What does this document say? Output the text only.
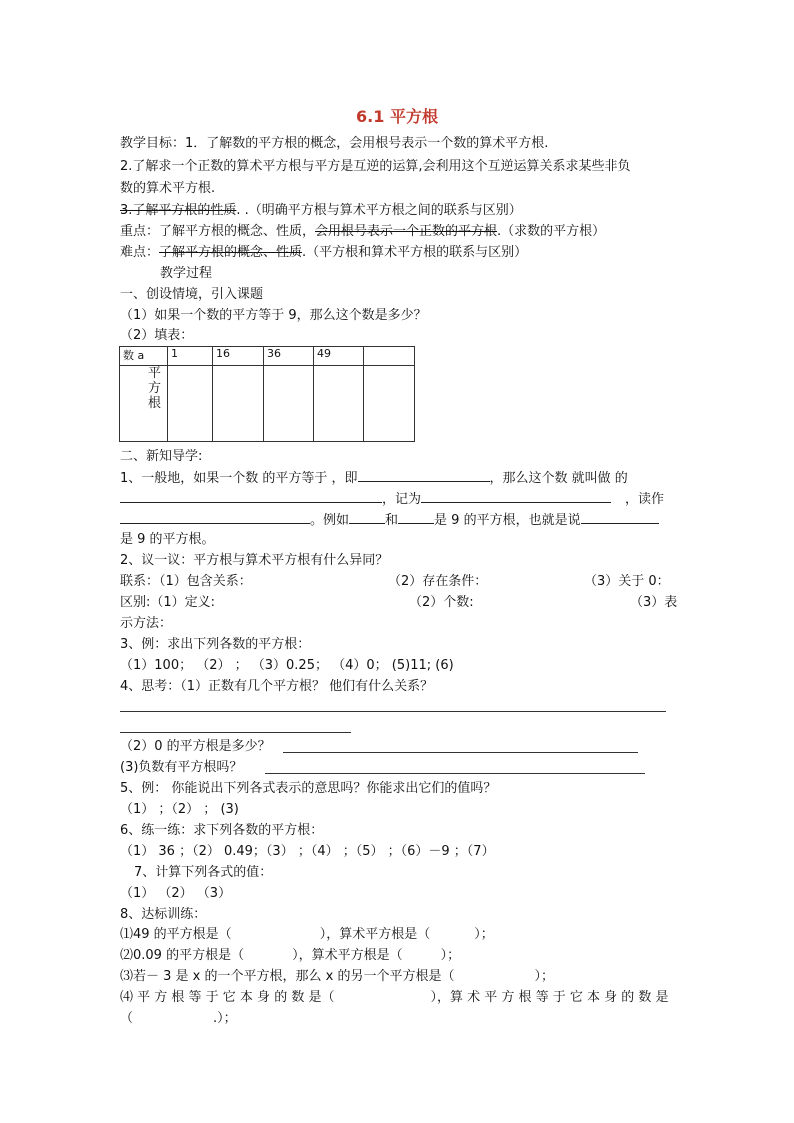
6.1 平方根
教学目标：1．了解数的平方根的概念，会用根号表示一个数的算术平方根.
2.了解求一个正数的算术平方根与平方是互逆的运算,会利用这个互逆运算关系求某些非负
数的算术平方根.
3.了解平方根的性质. .（明确平方根与算术平方根之间的联系与区别）
重点：了解平方根的概念、性质，会用根号表示一个正数的平方根.（求数的平方根）
难点：了解平方根的概念、性质.（平方根和算术平方根的联系与区别）
教学过程
一、创设情境，引入课题
（1）如果一个数的平方等于 9，那么这个数是多少？
（2）填表：
数 a	1	16	36	49	

平
方
根					

二、新知导学:
1、一般地，如果一个数 的平方等于 ，即	，那么这个数 就叫做 的
，记为	，读作
。例如	和	是 9 的平方根，也就是说
是 9 的平方根。
2、议一议：平方根与算术平方根有什么异同？
联系：（1）包含关系：	（2）存在条件：	（3）关于 0：
区别:（1）定义:	（2）个数:	（3）表
示方法：
3、例：求出下列各数的平方根：
（1）100； （2） ； （3）0.25； （4）0； (5)11; (6)
4、思考：（1）正数有几个平方根？ 他们有什么关系？
（2）0 的平方根是多少？
(3)负数有平方根吗？
5、例： 你能说出下列各式表示的意思吗？你能求出它们的值吗？
（1） ；（2） ； (3)
6、练一练：求下列各数的平方根：
（1） 36 ；（2） 0.49；（3） ；（4） ；（5） ；（6）－9 ；（7）
7、计算下列各式的值：
（1） （2） （3）
8、达标训练：
⑴49 的平方根是（	），算术平方根是（	）；
⑵0.09 的平方根是（	），算术平方根是（	）；
⑶若－ 3 是 x 的一个平方根，那么 x 的另一个平方根是（	）；
⑷ 平 方 根 等 于 它 本 身 的 数 是（	），算 术 平 方 根 等 于 它 本 身 的 数 是
（	.）；
